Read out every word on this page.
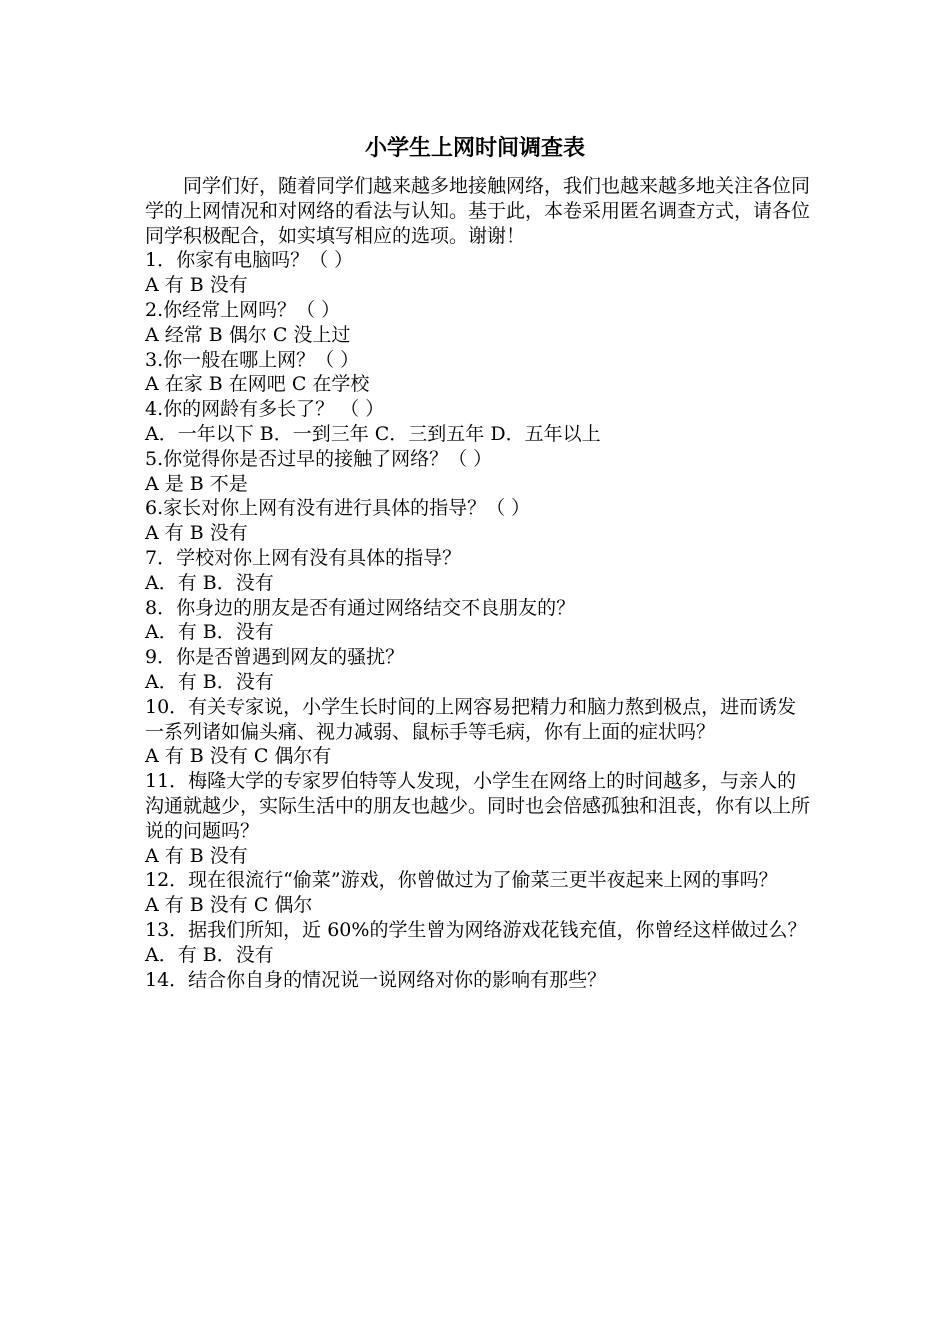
小学生上网时间调查表

同学们好，随着同学们越来越多地接触网络，我们也越来越多地关注各位同学的上网情况和对网络的看法与认知。基于此，本卷采用匿名调查方式，请各位同学积极配合，如实填写相应的选项。谢谢！

1．你家有电脑吗？（ ）

A 有 B 没有

2.你经常上网吗？（ ）

A 经常 B 偶尔 C 没上过

3.你一般在哪上网？（ ）

A 在家 B 在网吧 C 在学校

4.你的网龄有多长了？ （ ）

A．一年以下 B．一到三年 C．三到五年 D．五年以上

5.你觉得你是否过早的接触了网络？（ ）

A 是 B 不是

6.家长对你上网有没有进行具体的指导？（ ）

A 有 B 没有

7．学校对你上网有没有具体的指导？

A．有 B．没有

8．你身边的朋友是否有通过网络结交不良朋友的？

A．有 B．没有

9．你是否曾遇到网友的骚扰？

A．有 B．没有

10．有关专家说，小学生长时间的上网容易把精力和脑力熬到极点，进而诱发一系列诸如偏头痛、视力减弱、鼠标手等毛病，你有上面的症状吗？

A 有 B 没有 C 偶尔有

11．梅隆大学的专家罗伯特等人发现，小学生在网络上的时间越多，与亲人的沟通就越少，实际生活中的朋友也越少。同时也会倍感孤独和沮丧，你有以上所说的问题吗？

A 有 B 没有

12．现在很流行“偷菜”游戏，你曾做过为了偷菜三更半夜起来上网的事吗？

A 有 B 没有 C 偶尔

13．据我们所知，近 60%的学生曾为网络游戏花钱充值，你曾经这样做过么？

A．有 B．没有

14．结合你自身的情况说一说网络对你的影响有那些？
